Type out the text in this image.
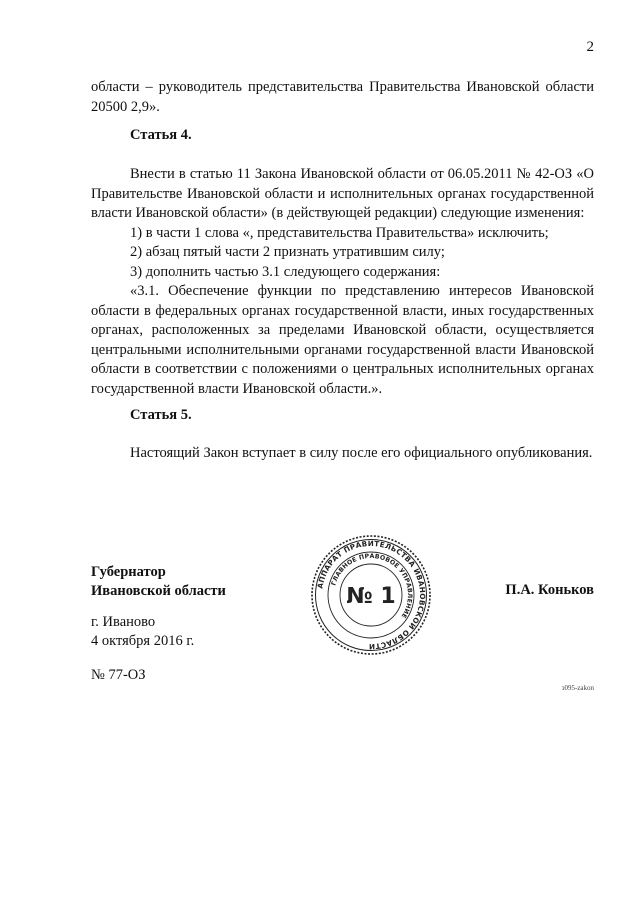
2

области – руководитель представительства Правительства Ивановской области 20500 2,9».

Статья 4.

Внести в статью 11 Закона Ивановской области от 06.05.2011 № 42-ОЗ «О Правительстве Ивановской области и исполнительных органах государственной власти Ивановской области» (в действующей редакции) следующие изменения:

1) в части 1 слова «, представительства Правительства» исключить;

2) абзац пятый части 2 признать утратившим силу;

3) дополнить частью 3.1 следующего содержания:

«3.1. Обеспечение функции по представлению интересов Ивановской области в федеральных органах государственной власти, иных государственных органах, расположенных за пределами Ивановской области, осуществляется центральными исполнительными органами государственной власти Ивановской области в соответствии с положениями о центральных исполнительных органах государственной власти Ивановской области.».

Статья 5.

Настоящий Закон вступает в силу после его официального опубликования.

Губернатор
Ивановской области	П.А. Коньков
АППАРАТ ПРАВИТЕЛЬСТВА ИВАНОВСКОЙ ОБЛАСТИ
ГЛАВНОЕ ПРАВОВОЕ УПРАВЛЕНИЕ
№ 1
г. Иваново
4 октября 2016 г.
№ 77-ОЗ
з095-zakon
